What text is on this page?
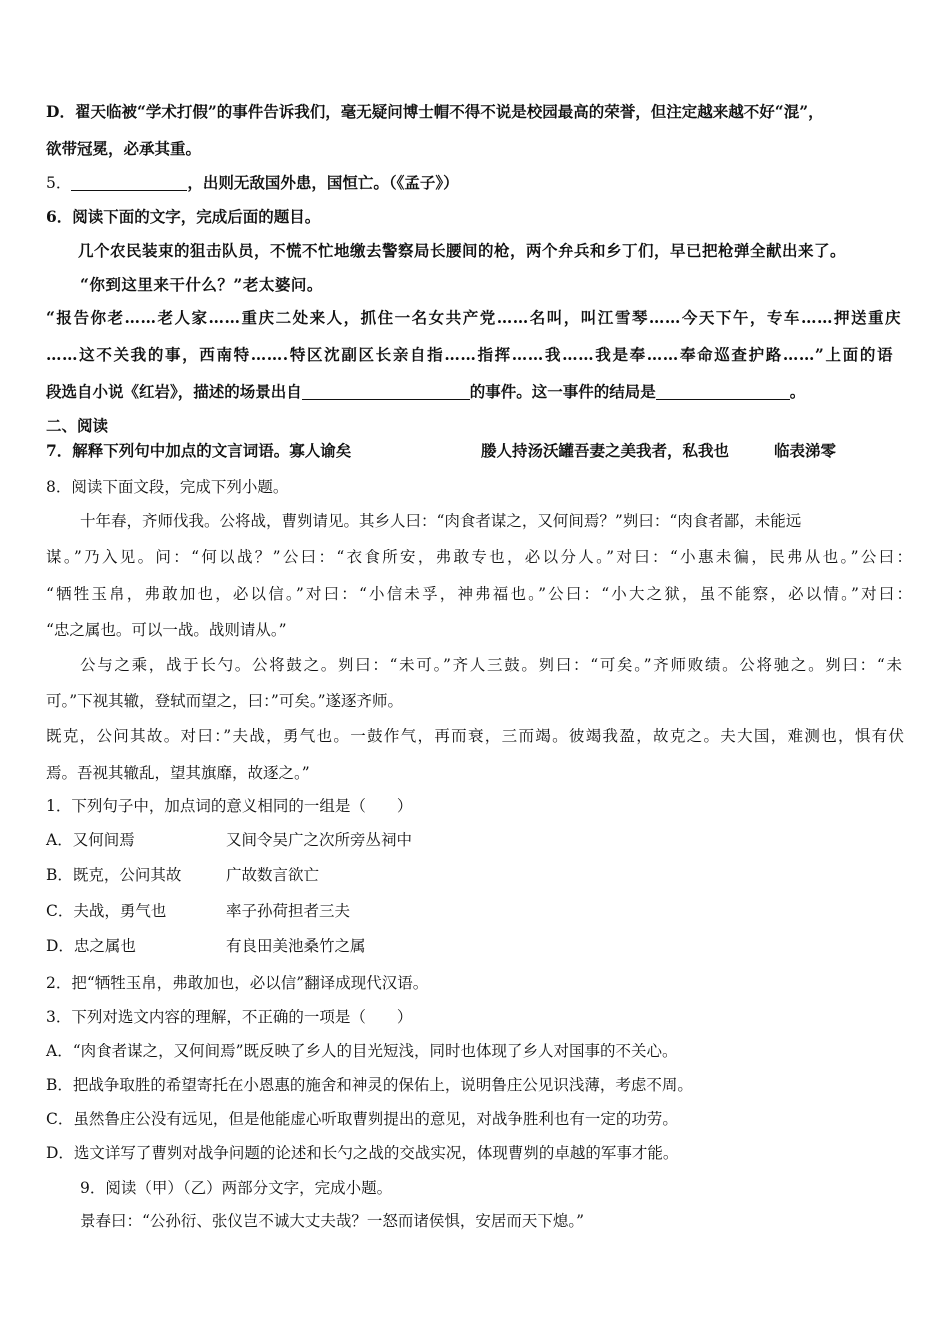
D．翟天临被“学术打假”的事件告诉我们，毫无疑问博士帽不得不说是校园最高的荣誉，但注定越来越不好“混”，
欲带冠冕，必承其重。
5．	，出则无敌国外患，国恒亡。（《孟子》）
6．阅读下面的文字，完成后面的题目。
几个农民装束的狙击队员，不慌不忙地缴去警察局长腰间的枪，两个弁兵和乡丁们，早已把枪弹全献出来了。
“你到这里来干什么？”老太婆问。
“报告你老……老人家……重庆二处来人，抓住一名女共产党……名叫，叫江雪琴……今天下午，专车……押送重庆
……这不关我的事，西南特…….特区沈副区长亲自指……指挥……我……我是奉……奉命巡查护路……”上面的语
段选自小说《红岩》，描述的场景出自	的事件。这一事件的结局是	。
二、阅读
7．解释下列句中加点的文言词语。寡人谕矣	媵人持汤沃罐吾妻之美我者，私我也	临表涕零
8．阅读下面文段，完成下列小题。
十年春，齐师伐我。公将战，曹刿请见。其乡人曰：“肉食者谋之，又何间焉？”刿曰：“肉食者鄙，未能远
谋。”乃入见。问：“何以战？”公曰：“衣食所安，弗敢专也，必以分人。”对曰：“小惠未徧，民弗从也。”公曰：
“牺牲玉帛，弗敢加也，必以信。”对曰：“小信未孚，神弗福也。”公曰：“小大之狱，虽不能察，必以情。”对曰：
“忠之属也。可以一战。战则请从。”
公与之乘，战于长勺。公将鼓之。刿曰：“未可。”齐人三鼓。刿曰：“可矣。”齐师败绩。公将驰之。刿曰：“未
可。”下视其辙，登轼而望之，曰：”可矣。”遂逐齐师。
既克，公问其故。对曰：”夫战，勇气也。一鼓作气，再而衰，三而竭。彼竭我盈，故克之。夫大国，难测也，惧有伏
焉。吾视其辙乱，望其旗靡，故逐之。”
1．下列句子中，加点词的意义相同的一组是（　　）
A．又何间焉	又间令吴广之次所旁丛祠中
B．既克，公问其故	广故数言欲亡
C．夫战，勇气也	率子孙荷担者三夫
D．忠之属也	有良田美池桑竹之属
2．把“牺牲玉帛，弗敢加也，必以信”翻译成现代汉语。
3．下列对选文内容的理解，不正确的一项是（　　）
A．“肉食者谋之，又何间焉”既反映了乡人的目光短浅，同时也体现了乡人对国事的不关心。
B．把战争取胜的希望寄托在小恩惠的施舍和神灵的保佑上，说明鲁庄公见识浅薄，考虑不周。
C．虽然鲁庄公没有远见，但是他能虚心听取曹刿提出的意见，对战争胜利也有一定的功劳。
D．选文详写了曹刿对战争问题的论述和长勺之战的交战实况，体现曹刿的卓越的军事才能。
9．阅读（甲）（乙）两部分文字，完成小题。
景春曰：“公孙衍、张仪岂不诚大丈夫哉？一怒而诸侯惧，安居而天下熄。”
